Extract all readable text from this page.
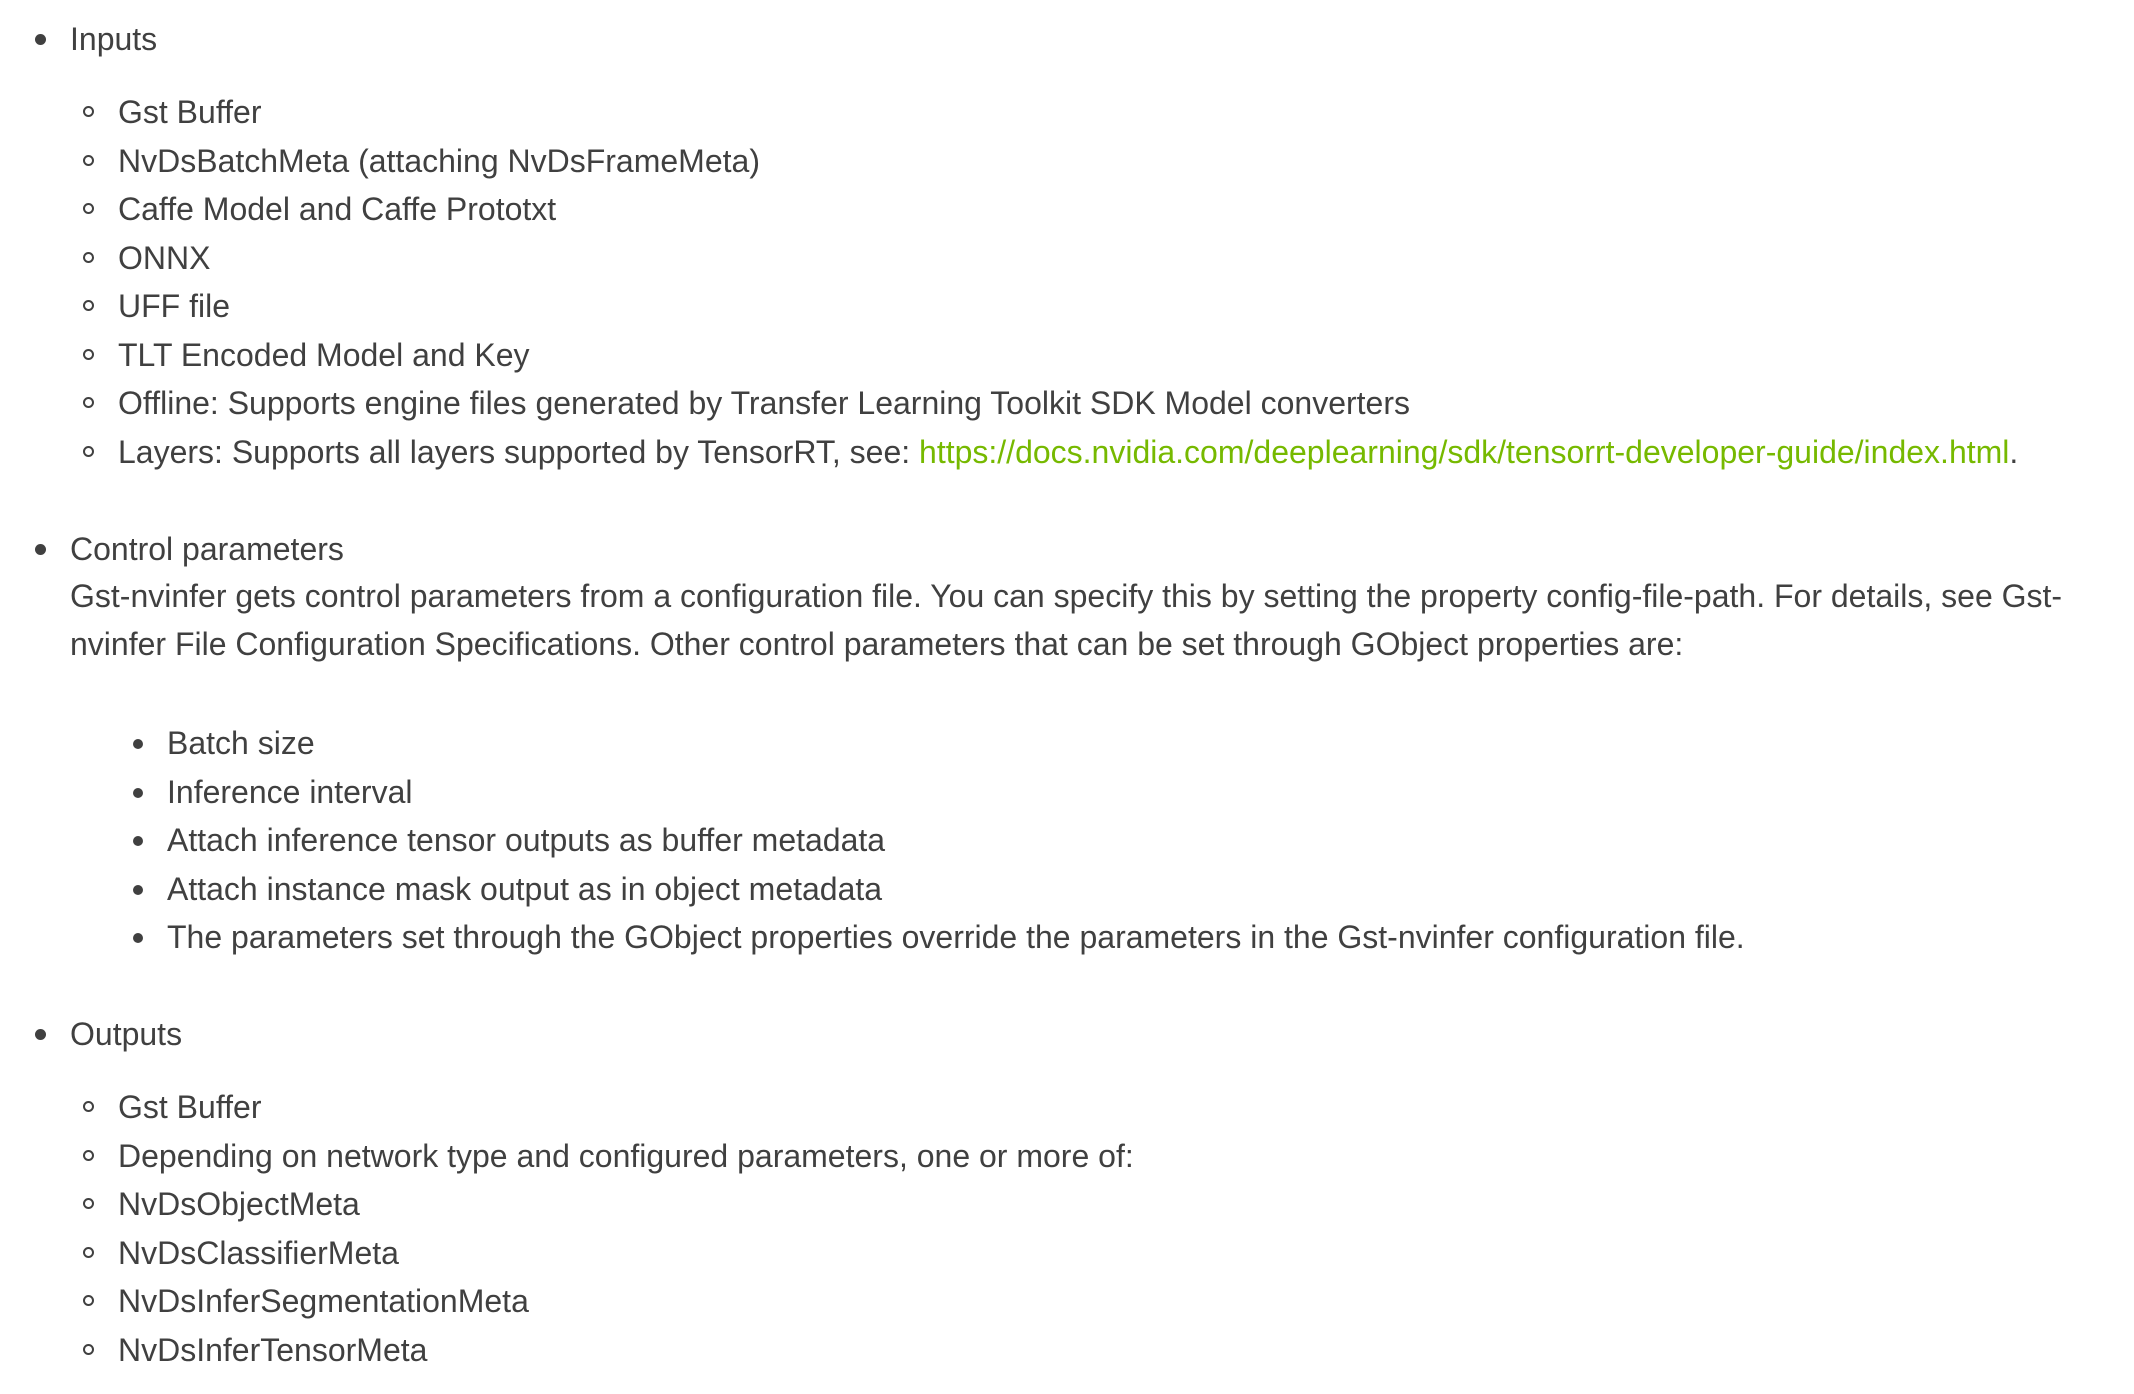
Inputs
Gst Buffer
NvDsBatchMeta (attaching NvDsFrameMeta)
Caffe Model and Caffe Prototxt
ONNX
UFF file
TLT Encoded Model and Key
Offline: Supports engine files generated by Transfer Learning Toolkit SDK Model converters
Layers: Supports all layers supported by TensorRT, see: https://docs.nvidia.com/deeplearning/sdk/tensorrt-developer-guide/index.html.
Control parameters
Gst-nvinfer gets control parameters from a configuration file. You can specify this by setting the property config-file-path. For details, see Gst-nvinfer File Configuration Specifications. Other control parameters that can be set through GObject properties are:
Batch size
Inference interval
Attach inference tensor outputs as buffer metadata
Attach instance mask output as in object metadata
The parameters set through the GObject properties override the parameters in the Gst-nvinfer configuration file.
Outputs
Gst Buffer
Depending on network type and configured parameters, one or more of:
NvDsObjectMeta
NvDsClassifierMeta
NvDsInferSegmentationMeta
NvDsInferTensorMeta
